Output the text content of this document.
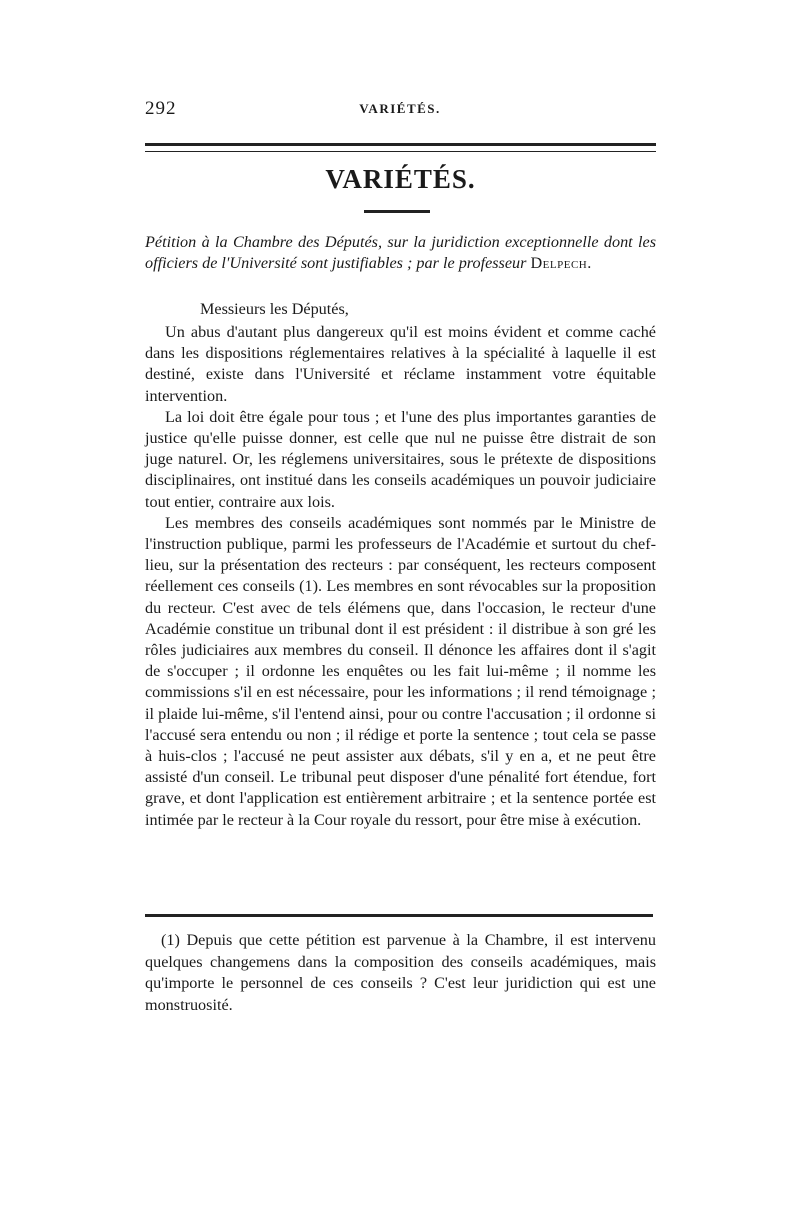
292	VARIÉTÉS.
VARIÉTÉS.
Pétition à la Chambre des Députés, sur la juridiction exceptionnelle dont les officiers de l'Université sont justifiables ; par le professeur Delpech.
Messieurs les Députés,

Un abus d'autant plus dangereux qu'il est moins évident et comme caché dans les dispositions réglementaires relatives à la spécialité à laquelle il est destiné, existe dans l'Université et réclame instamment votre équitable intervention.

La loi doit être égale pour tous ; et l'une des plus importantes garanties de justice qu'elle puisse donner, est celle que nul ne puisse être distrait de son juge naturel. Or, les réglemens universitaires, sous le prétexte de dispositions disciplinaires, ont institué dans les conseils académiques un pouvoir judiciaire tout entier, contraire aux lois.

Les membres des conseils académiques sont nommés par le Ministre de l'instruction publique, parmi les professeurs de l'Académie et surtout du chef-lieu, sur la présentation des recteurs : par conséquent, les recteurs composent réellement ces conseils (1). Les membres en sont révocables sur la proposition du recteur. C'est avec de tels élémens que, dans l'occasion, le recteur d'une Académie constitue un tribunal dont il est président : il distribue à son gré les rôles judiciaires aux membres du conseil. Il dénonce les affaires dont il s'agit de s'occuper ; il ordonne les enquêtes ou les fait lui-même ; il nomme les commissions s'il en est nécessaire, pour les informations ; il rend témoignage ; il plaide lui-même, s'il l'entend ainsi, pour ou contre l'accusation ; il ordonne si l'accusé sera entendu ou non ; il rédige et porte la sentence ; tout cela se passe à huis-clos ; l'accusé ne peut assister aux débats, s'il y en a, et ne peut être assisté d'un conseil. Le tribunal peut disposer d'une pénalité fort étendue, fort grave, et dont l'application est entièrement arbitraire ; et la sentence portée est intimée par le recteur à la Cour royale du ressort, pour être mise à exécution.

(1) Depuis que cette pétition est parvenue à la Chambre, il est intervenu quelques changemens dans la composition des conseils académiques, mais qu'importe le personnel de ces conseils ? C'est leur juridiction qui est une monstruosité.
